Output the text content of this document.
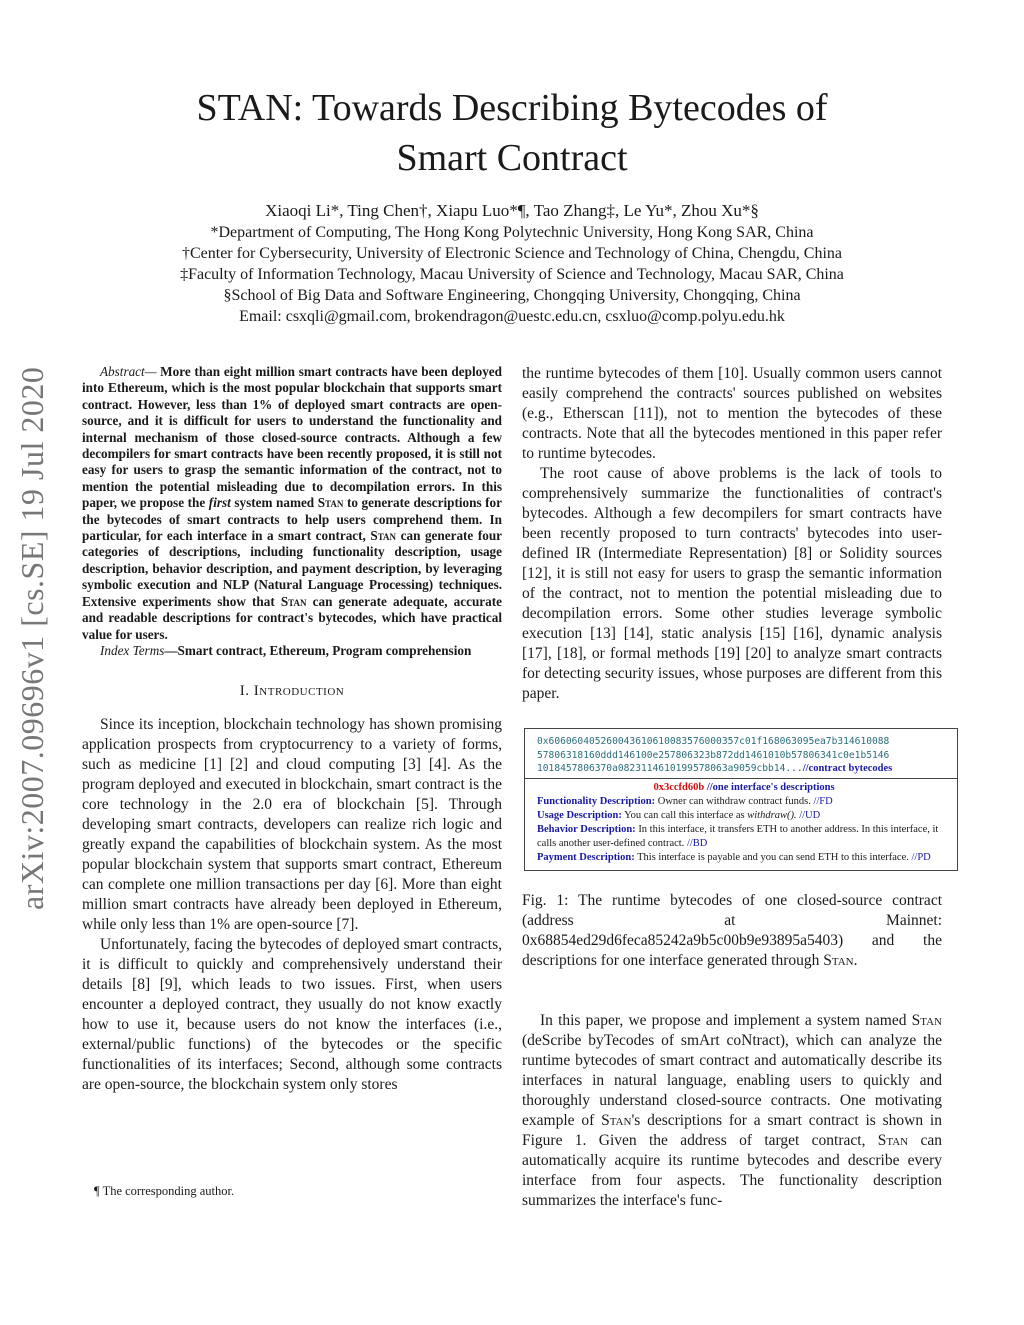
arXiv:2007.09696v1 [cs.SE] 19 Jul 2020
STAN: Towards Describing Bytecodes of
Smart Contract
Xiaoqi Li*, Ting Chen†, Xiapu Luo*¶, Tao Zhang‡, Le Yu*, Zhou Xu*§
*Department of Computing, The Hong Kong Polytechnic University, Hong Kong SAR, China
†Center for Cybersecurity, University of Electronic Science and Technology of China, Chengdu, China
‡Faculty of Information Technology, Macau University of Science and Technology, Macau SAR, China
§School of Big Data and Software Engineering, Chongqing University, Chongqing, China
Email: csxqli@gmail.com, brokendragon@uestc.edu.cn, csxluo@comp.polyu.edu.hk

Abstract— More than eight million smart contracts have been deployed into Ethereum, which is the most popular blockchain that supports smart contract. However, less than 1% of deployed smart contracts are open-source, and it is difficult for users to understand the functionality and internal mechanism of those closed-source contracts. Although a few decompilers for smart contracts have been recently proposed, it is still not easy for users to grasp the semantic information of the contract, not to mention the potential misleading due to decompilation errors. In this paper, we propose the first system named Stan to generate descriptions for the bytecodes of smart contracts to help users comprehend them. In particular, for each interface in a smart contract, Stan can generate four categories of descriptions, including functionality description, usage description, behavior description, and payment description, by leveraging symbolic execution and NLP (Natural Language Processing) techniques. Extensive experiments show that Stan can generate adequate, accurate and readable descriptions for contract's bytecodes, which have practical value for users.

Index Terms—Smart contract, Ethereum, Program comprehension

I. Introduction

Since its inception, blockchain technology has shown promising application prospects from cryptocurrency to a variety of forms, such as medicine [1] [2] and cloud computing [3] [4]. As the program deployed and executed in blockchain, smart contract is the core technology in the 2.0 era of blockchain [5]. Through developing smart contracts, developers can realize rich logic and greatly expand the capabilities of blockchain system. As the most popular blockchain system that supports smart contract, Ethereum can complete one million transactions per day [6]. More than eight million smart contracts have already been deployed in Ethereum, while only less than 1% are open-source [7].

Unfortunately, facing the bytecodes of deployed smart contracts, it is difficult to quickly and comprehensively understand their details [8] [9], which leads to two issues. First, when users encounter a deployed contract, they usually do not know exactly how to use it, because users do not know the interfaces (i.e., external/public functions) of the bytecodes or the specific functionalities of its interfaces; Second, although some contracts are open-source, the blockchain system only stores

¶ The corresponding author.

the runtime bytecodes of them [10]. Usually common users cannot easily comprehend the contracts' sources published on websites (e.g., Etherscan [11]), not to mention the bytecodes of these contracts. Note that all the bytecodes mentioned in this paper refer to runtime bytecodes.

The root cause of above problems is the lack of tools to comprehensively summarize the functionalities of contract's bytecodes. Although a few decompilers for smart contracts have been recently proposed to turn contracts' bytecodes into user-defined IR (Intermediate Representation) [8] or Solidity sources [12], it is still not easy for users to grasp the semantic information of the contract, not to mention the potential misleading due to decompilation errors. Some other studies leverage symbolic execution [13] [14], static analysis [15] [16], dynamic analysis [17], [18], or formal methods [19] [20] to analyze smart contracts for detecting security issues, whose purposes are different from this paper.

0x606060405260043610610083576000357c01f168063095ea7b314610088
57806318160ddd146100e257806323b872dd1461010b57806341c0e1b5146
1018457806370a0823114610199578063a9059cbb14...//contract bytecodes
0x3ccfd60b //one interface's descriptions
Functionality Description: Owner can withdraw contract funds. //FD
Usage Description: You can call this interface as withdraw(). //UD
Behavior Description: In this interface, it transfers ETH to another address. In this interface, it calls another user-defined contract. //BD
Payment Description: This interface is payable and you can send ETH to this interface. //PD
Fig. 1: The runtime bytecodes of one closed-source contract (address at Mainnet: 0x68854ed29d6feca85242a9b5c00b9e93895a5403) and the descriptions for one interface generated through Stan.

In this paper, we propose and implement a system named Stan (deScribe byTecodes of smArt coNtract), which can analyze the runtime bytecodes of smart contract and automatically describe its interfaces in natural language, enabling users to quickly and thoroughly understand closed-source contracts. One motivating example of Stan's descriptions for a smart contract is shown in Figure 1. Given the address of target contract, Stan can automatically acquire its runtime bytecodes and describe every interface from four aspects. The functionality description summarizes the interface's func-
